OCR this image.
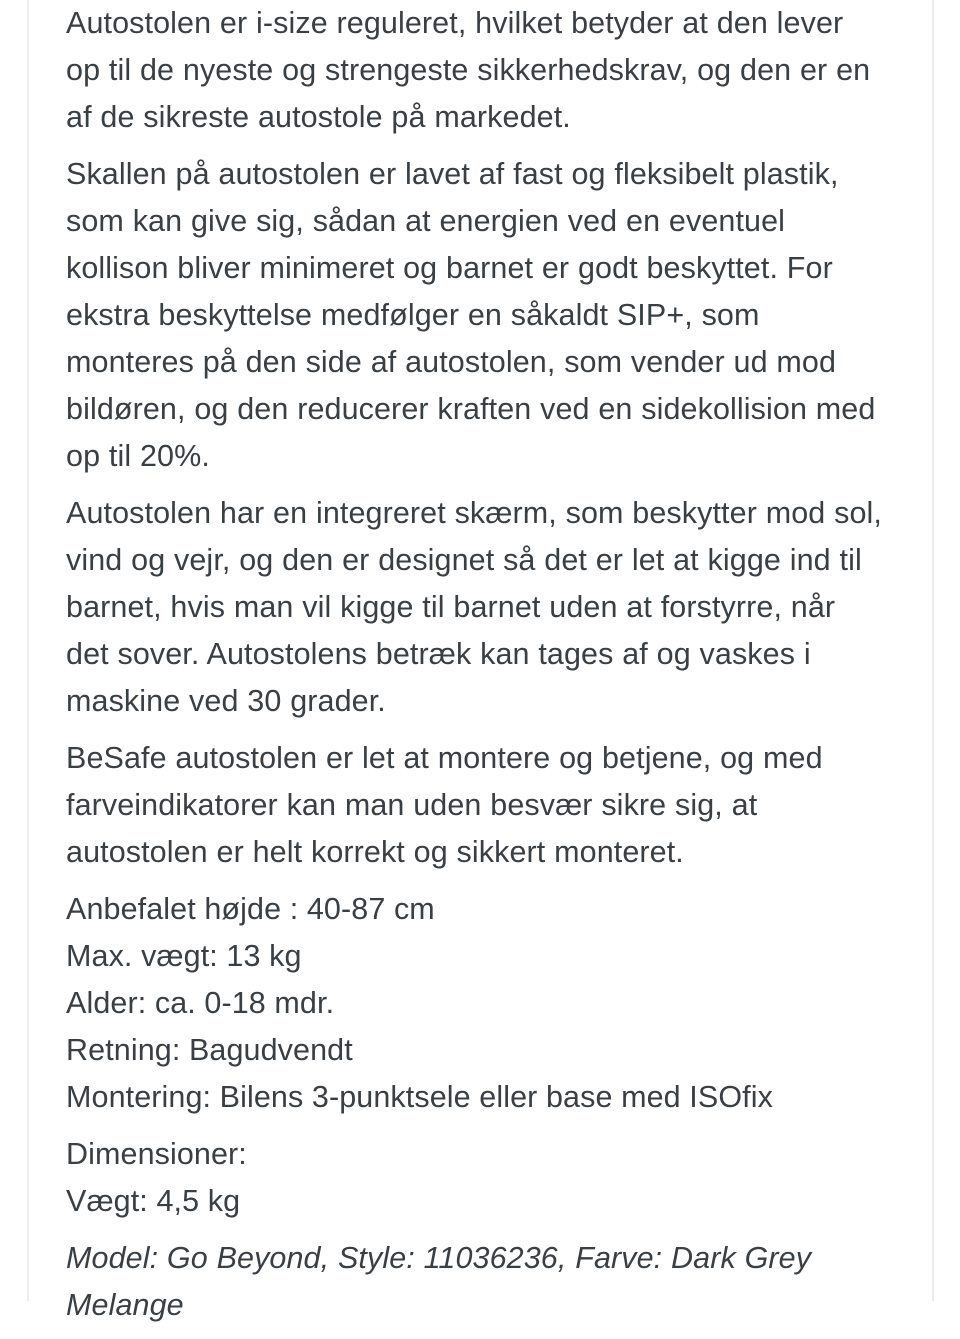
Autostolen er i-size reguleret, hvilket betyder at den lever op til de nyeste og strengeste sikkerhedskrav, og den er en af de sikreste autostole på markedet.

Skallen på autostolen er lavet af fast og fleksibelt plastik, som kan give sig, sådan at energien ved en eventuel kollison bliver minimeret og barnet er godt beskyttet. For ekstra beskyttelse medfølger en såkaldt SIP+, som monteres på den side af autostolen, som vender ud mod bildøren, og den reducerer kraften ved en sidekollision med op til 20%.

Autostolen har en integreret skærm, som beskytter mod sol, vind og vejr, og den er designet så det er let at kigge ind til barnet, hvis man vil kigge til barnet uden at forstyrre, når det sover. Autostolens betræk kan tages af og vaskes i maskine ved 30 grader.

BeSafe autostolen er let at montere og betjene, og med farveindikatorer kan man uden besvær sikre sig, at autostolen er helt korrekt og sikkert monteret.

Anbefalet højde : 40-87 cm
Max. vægt: 13 kg
Alder: ca. 0-18 mdr.
Retning: Bagudvendt
Montering: Bilens 3-punktsele eller base med ISOfix
Dimensioner:
Vægt: 4,5 kg

Model: Go Beyond, Style: 11036236, Farve: Dark Grey Melange
